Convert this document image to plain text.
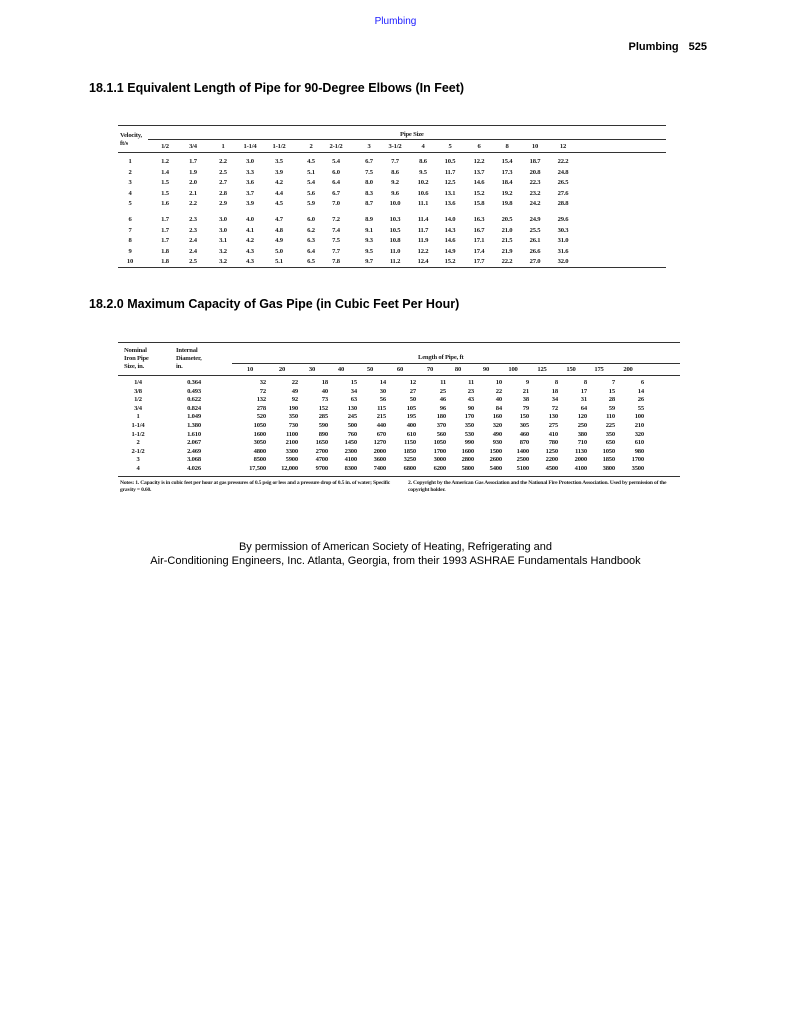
Plumbing
Plumbing 525
18.1.1 Equivalent Length of Pipe for 90-Degree Elbows (In Feet)
Velocity,
ft/s
Pipe Size
1/2	3/4	1	1-1/4	1-1/2	2	2-1/2	3	3-1/2	4	5	6	8	10	12
1	1.2	1.7	2.2	3.0	3.5	4.5	5.4	6.7	7.7	8.6	10.5	12.2	15.4	18.7	22.2
2	1.4	1.9	2.5	3.3	3.9	5.1	6.0	7.5	8.6	9.5	11.7	13.7	17.3	20.8	24.8
3	1.5	2.0	2.7	3.6	4.2	5.4	6.4	8.0	9.2	10.2	12.5	14.6	18.4	22.3	26.5
4	1.5	2.1	2.8	3.7	4.4	5.6	6.7	8.3	9.6	10.6	13.1	15.2	19.2	23.2	27.6
5	1.6	2.2	2.9	3.9	4.5	5.9	7.0	8.7	10.0	11.1	13.6	15.8	19.8	24.2	28.8
6	1.7	2.3	3.0	4.0	4.7	6.0	7.2	8.9	10.3	11.4	14.0	16.3	20.5	24.9	29.6
7	1.7	2.3	3.0	4.1	4.8	6.2	7.4	9.1	10.5	11.7	14.3	16.7	21.0	25.5	30.3
8	1.7	2.4	3.1	4.2	4.9	6.3	7.5	9.3	10.8	11.9	14.6	17.1	21.5	26.1	31.0
9	1.8	2.4	3.2	4.3	5.0	6.4	7.7	9.5	11.0	12.2	14.9	17.4	21.9	26.6	31.6
10	1.8	2.5	3.2	4.3	5.1	6.5	7.8	9.7	11.2	12.4	15.2	17.7	22.2	27.0	32.0
18.2.0 Maximum Capacity of Gas Pipe (in Cubic Feet Per Hour)
Nominal
Iron Pipe
Size, in.
Internal
Diameter,
in.
Length of Pipe, ft
10	20	30	40	50	60	70	80	90	100	125	150	175	200
1/4	0.364	32	22	18	15	14	12	11	11	10	9	8	8	7	6
3/8	0.493	72	49	40	34	30	27	25	23	22	21	18	17	15	14
1/2	0.622	132	92	73	63	56	50	46	43	40	38	34	31	28	26
3/4	0.824	278	190	152	130	115	105	96	90	84	79	72	64	59	55
1	1.049	520	350	285	245	215	195	180	170	160	150	130	120	110	100
1-1/4	1.380	1050	730	590	500	440	400	370	350	320	305	275	250	225	210
1-1/2	1.610	1600	1100	890	760	670	610	560	530	490	460	410	380	350	320
2	2.067	3050	2100	1650	1450	1270	1150	1050	990	930	870	780	710	650	610
2-1/2	2.469	4800	3300	2700	2300	2000	1850	1700	1600	1500	1400	1250	1130	1050	980
3	3.068	8500	5900	4700	4100	3600	3250	3000	2800	2600	2500	2200	2000	1850	1700
4	4.026	17,500	12,000	9700	8300	7400	6800	6200	5800	5400	5100	4500	4100	3800	3500
Notes: 1. Capacity is in cubic feet per hour at gas pressures of 0.5 psig or less and a pressure drop of 0.5 in. of water; Specific gravity = 0.60.
2. Copyright by the American Gas Association and the National Fire Protection Association. Used by permission of the copyright holder.
By permission of American Society of Heating, Refrigerating and
Air-Conditioning Engineers, Inc. Atlanta, Georgia, from their 1993 ASHRAE Fundamentals Handbook
